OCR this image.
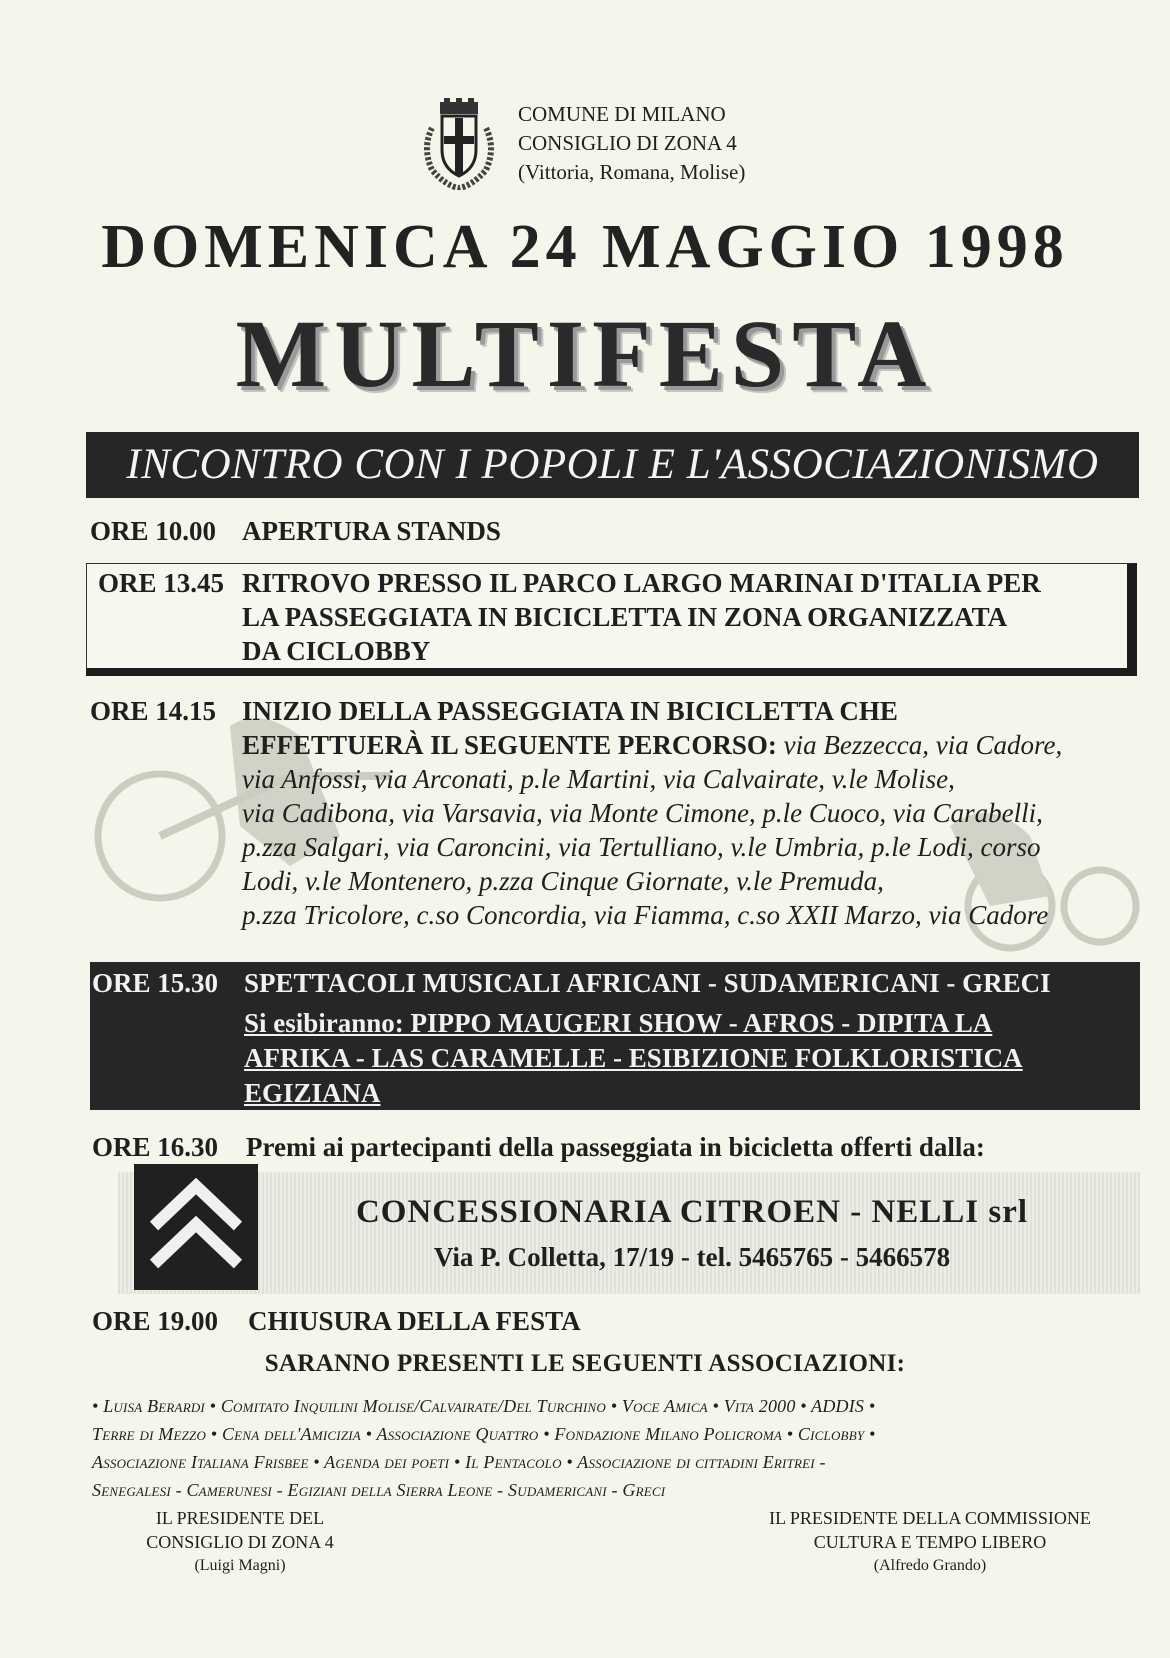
COMUNE DI MILANO
CONSIGLIO DI ZONA 4
(Vittoria, Romana, Molise)
DOMENICA 24 MAGGIO 1998
MULTIFESTA
INCONTRO CON I POPOLI E L'ASSOCIAZIONISMO
ORE 10.00 APERTURA STANDS
ORE 13.45 RITROVO PRESSO IL PARCO LARGO MARINAI D'ITALIA PER
LA PASSEGGIATA IN BICICLETTA IN ZONA ORGANIZZATA
DA CICLOBBY
ORE 14.15 INIZIO DELLA PASSEGGIATA IN BICICLETTA CHE
EFFETTUERÀ IL SEGUENTE PERCORSO: via Bezzecca, via Cadore,
via Anfossi, via Arconati, p.le Martini, via Calvairate, v.le Molise,
via Cadibona, via Varsavia, via Monte Cimone, p.le Cuoco, via Carabelli,
p.zza Salgari, via Caroncini, via Tertulliano, v.le Umbria, p.le Lodi, corso
Lodi, v.le Montenero, p.zza Cinque Giornate, v.le Premuda,
p.zza Tricolore, c.so Concordia, via Fiamma, c.so XXII Marzo, via Cadore
ORE 15.30 SPETTACOLI MUSICALI AFRICANI - SUDAMERICANI - GRECI
Si esibiranno: PIPPO MAUGERI SHOW - AFROS - DIPITA LA
AFRIKA - LAS CARAMELLE - ESIBIZIONE FOLKLORISTICA
EGIZIANA
ORE 16.30 Premi ai partecipanti della passeggiata in bicicletta offerti dalla:
CONCESSIONARIA CITROEN - NELLI srl
Via P. Colletta, 17/19 - tel. 5465765 - 5466578
ORE 19.00 CHIUSURA DELLA FESTA
SARANNO PRESENTI LE SEGUENTI ASSOCIAZIONI:
• Luisa Berardi • Comitato Inquilini Molise/Calvairate/Del Turchino • Voce Amica • Vita 2000 • ADDIS •
Terre di Mezzo • Cena dell'Amicizia • Associazione Quattro • Fondazione Milano Policroma • Ciclobby •
Associazione Italiana Frisbee • Agenda dei poeti • Il Pentacolo • Associazione di cittadini Eritrei -
Senegalesi - Camerunesi - Egiziani della Sierra Leone - Sudamericani - Greci
IL PRESIDENTE DEL
CONSIGLIO DI ZONA 4
(Luigi Magni)
IL PRESIDENTE DELLA COMMISSIONE
CULTURA E TEMPO LIBERO
(Alfredo Grando)
